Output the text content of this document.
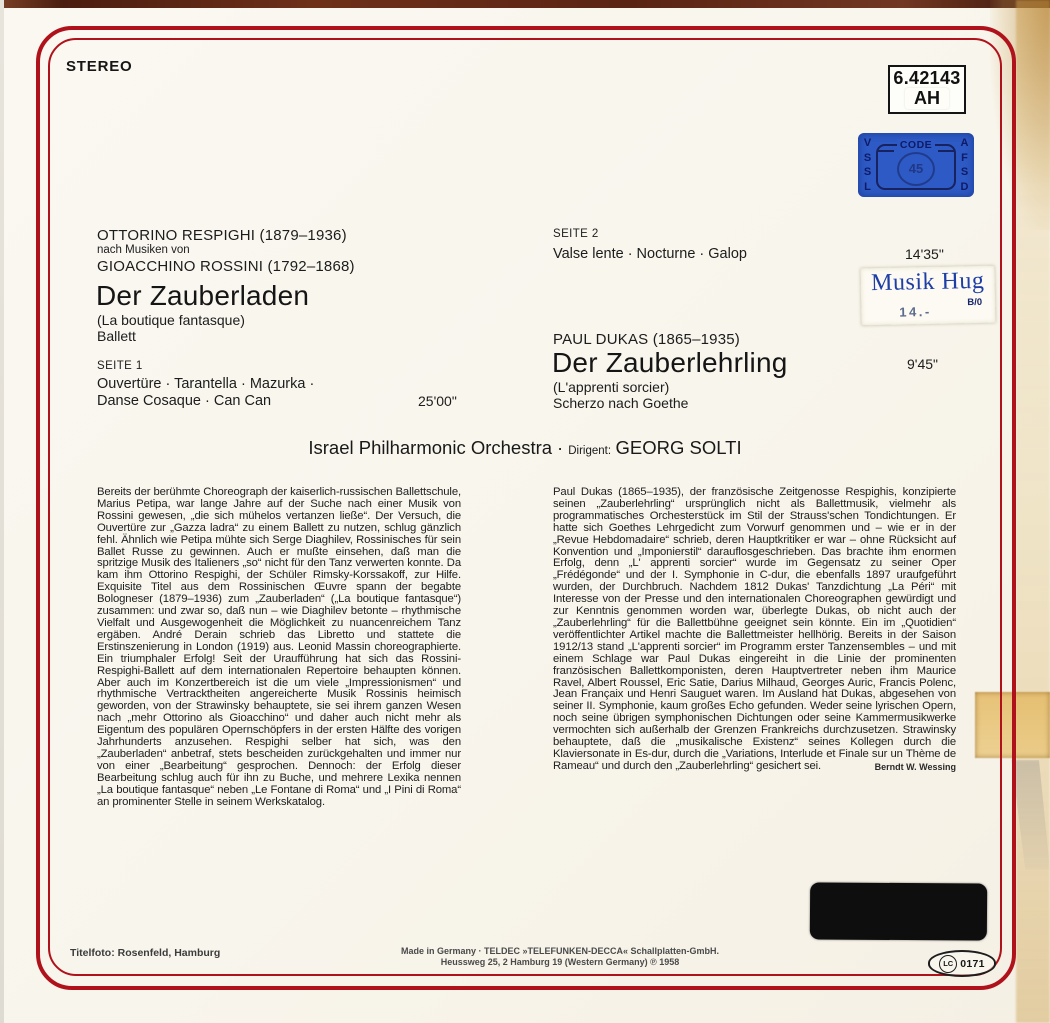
STEREO
6.42143
AH
V
S
S
L
CODE
45
A
F
S
D
OTTORINO RESPIGHI (1879–1936)
nach Musiken von
GIOACCHINO ROSSINI (1792–1868)
Der Zauberladen
(La boutique fantasque)
Ballett
SEITE 1
Ouvertüre · Tarantella · Mazurka ·
Danse Cosaque · Can Can	25'00"
SEITE 2
Valse lente · Nocturne · Galop	14'35"
PAUL DUKAS (1865–1935)
Der Zauberlehrling	9'45"
(L'apprenti sorcier)
Scherzo nach Goethe
Musik Hug
B/0
14.-
Israel Philharmonic Orchestra · Dirigent: GEORG SOLTI

Bereits der berühmte Choreograph der kaiserlich-russischen Ballettschule, Marius Petipa, war lange Jahre auf der Suche nach einer Musik von Rossini gewesen, „die sich mühelos vertanzen ließe“. Der Versuch, die Ouvertüre zur „Gazza ladra“ zu einem Ballett zu nutzen, schlug gänzlich fehl. Ähnlich wie Petipa mühte sich Serge Diaghilev, Rossinisches für sein Ballet Russe zu gewinnen. Auch er mußte einsehen, daß man die spritzige Musik des Italieners „so“ nicht für den Tanz verwerten konnte. Da kam ihm Ottorino Respighi, der Schüler Rimsky-Korssakoff, zur Hilfe. Exquisite Titel aus dem Rossinischen Œuvre spann der begabte Bologneser (1879–1936) zum „Zauberladen“ („La boutique fantasque“) zusammen: und zwar so, daß nun – wie Diaghilev betonte – rhythmische Vielfalt und Ausgewogenheit die Möglichkeit zu nuancenreichem Tanz ergäben. André Derain schrieb das Libretto und stattete die Erstinszenierung in London (1919) aus. Leonid Massin choreographierte. Ein triumphaler Erfolg! Seit der Uraufführung hat sich das Rossini-Respighi-Ballett auf dem internationalen Repertoire behaupten können. Aber auch im Konzertbereich ist die um viele „Impressionismen“ und rhythmische Vertracktheiten angereicherte Musik Rossinis heimisch geworden, von der Strawinsky behauptete, sie sei ihrem ganzen Wesen nach „mehr Ottorino als Gioacchino“ und daher auch nicht mehr als Eigentum des populären Opernschöpfers in der ersten Hälfte des vorigen Jahrhunderts anzusehen. Respighi selber hat sich, was den „Zauberladen“ anbetraf, stets bescheiden zurückgehalten und immer nur von einer „Bearbeitung“ gesprochen. Dennoch: der Erfolg dieser Bearbeitung schlug auch für ihn zu Buche, und mehrere Lexika nennen „La boutique fantasque“ neben „Le Fontane di Roma“ und „I Pini di Roma“ an prominenter Stelle in seinem Werkskatalog.

Paul Dukas (1865–1935), der französische Zeitgenosse Respighis, konzipierte seinen „Zauberlehrling“ ursprünglich nicht als Ballettmusik, vielmehr als programmatisches Orchesterstück im Stil der Strauss'schen Tondichtungen. Er hatte sich Goethes Lehrgedicht zum Vorwurf genommen und – wie er in der „Revue Hebdomadaire“ schrieb, deren Hauptkritiker er war – ohne Rücksicht auf Konvention und „Imponierstil“ darauflosgeschrieben. Das brachte ihm enormen Erfolg, denn „L' apprenti sorcier“ wurde im Gegensatz zu seiner Oper „Frédégonde“ und der I. Symphonie in C-dur, die ebenfalls 1897 uraufgeführt wurden, der Durchbruch. Nachdem 1812 Dukas' Tanzdichtung „La Péri“ mit Interesse von der Presse und den internationalen Choreographen gewürdigt und zur Kenntnis genommen worden war, überlegte Dukas, ob nicht auch der „Zauberlehrling“ für die Ballettbühne geeignet sein könnte. Ein im „Quotidien“ veröffentlichter Artikel machte die Ballettmeister hellhörig. Bereits in der Saison 1912/13 stand „L'apprenti sorcier“ im Programm erster Tanzensembles – und mit einem Schlage war Paul Dukas eingereiht in die Linie der prominenten französischen Ballettkomponisten, deren Hauptvertreter neben ihm Maurice Ravel, Albert Roussel, Eric Satie, Darius Milhaud, Georges Auric, Francis Polenc, Jean Françaix und Henri Sauguet waren. Im Ausland hat Dukas, abgesehen von seiner II. Symphonie, kaum großes Echo gefunden. Weder seine lyrischen Opern, noch seine übrigen symphonischen Dichtungen oder seine Kammermusikwerke vermochten sich außerhalb der Grenzen Frankreichs durchzusetzen. Strawinsky behauptete, daß die „musikalische Existenz“ seines Kollegen durch die Klaviersonate in Es-dur, durch die „Variations, Interlude et Finale sur un Thème de Rameau“ und durch den „Zauberlehrling“ gesichert sei.	Berndt W. Wessing
Titelfoto: Rosenfeld, Hamburg	Made in Germany · TELDEC »TELEFUNKEN-DECCA« Schallplatten-GmbH.
Heussweg 25, 2 Hamburg 19 (Western Germany) ℗ 1958	LC 0171
